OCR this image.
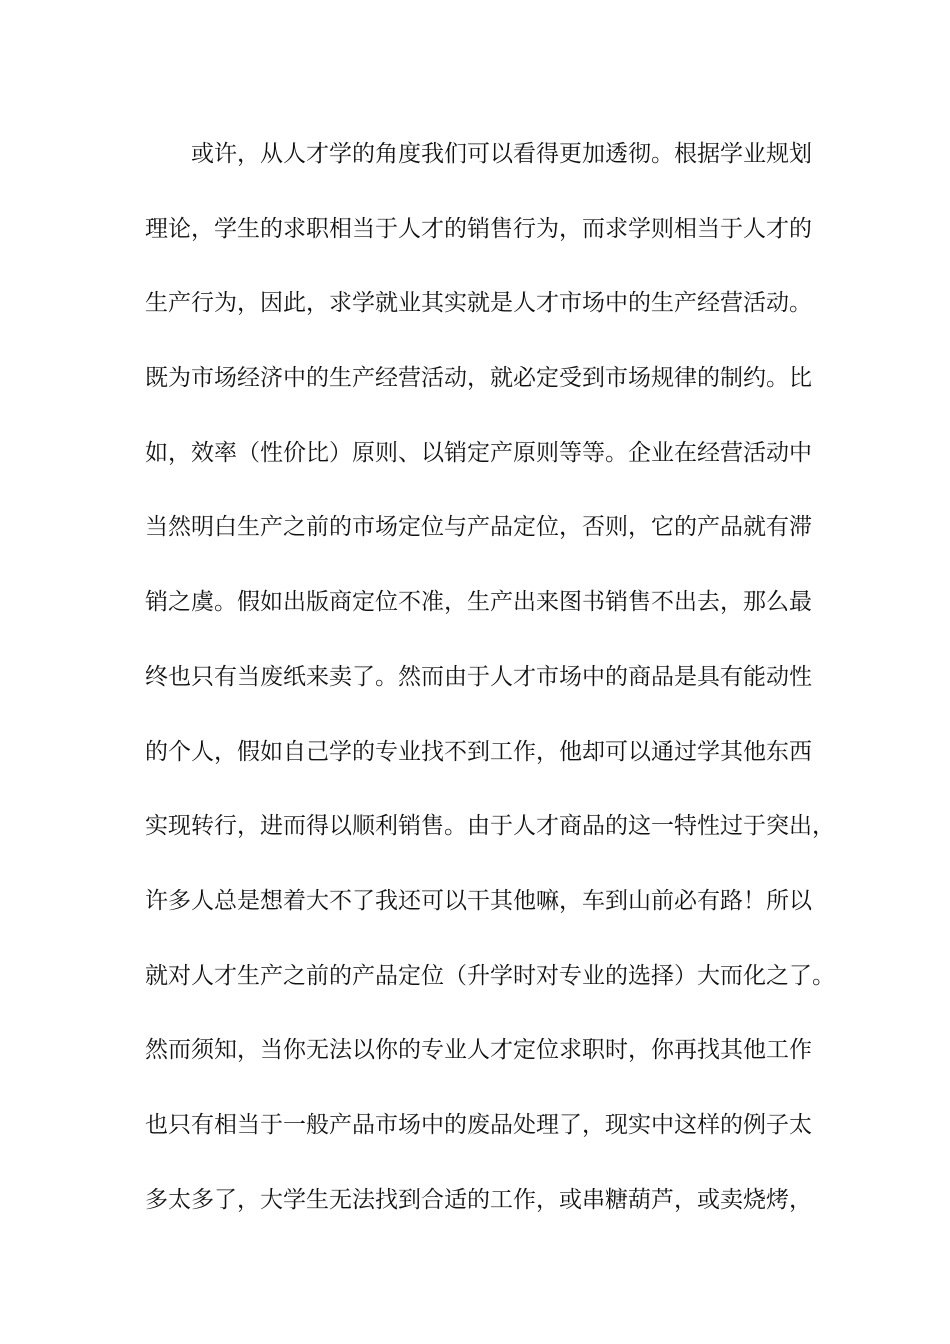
或许，从人才学的角度我们可以看得更加透彻。根据学业规划
理论，学生的求职相当于人才的销售行为，而求学则相当于人才的
生产行为，因此，求学就业其实就是人才市场中的生产经营活动。
既为市场经济中的生产经营活动，就必定受到市场规律的制约。比
如，效率（性价比）原则、以销定产原则等等。企业在经营活动中
当然明白生产之前的市场定位与产品定位，否则，它的产品就有滞
销之虞。假如出版商定位不准，生产出来图书销售不出去，那么最
终也只有当废纸来卖了。然而由于人才市场中的商品是具有能动性
的个人，假如自己学的专业找不到工作，他却可以通过学其他东西
实现转行，进而得以顺利销售。由于人才商品的这一特性过于突出，
许多人总是想着大不了我还可以干其他嘛，车到山前必有路！所以
就对人才生产之前的产品定位（升学时对专业的选择）大而化之了。
然而须知，当你无法以你的专业人才定位求职时，你再找其他工作
也只有相当于一般产品市场中的废品处理了，现实中这样的例子太
多太多了，大学生无法找到合适的工作，或串糖葫芦，或卖烧烤，
